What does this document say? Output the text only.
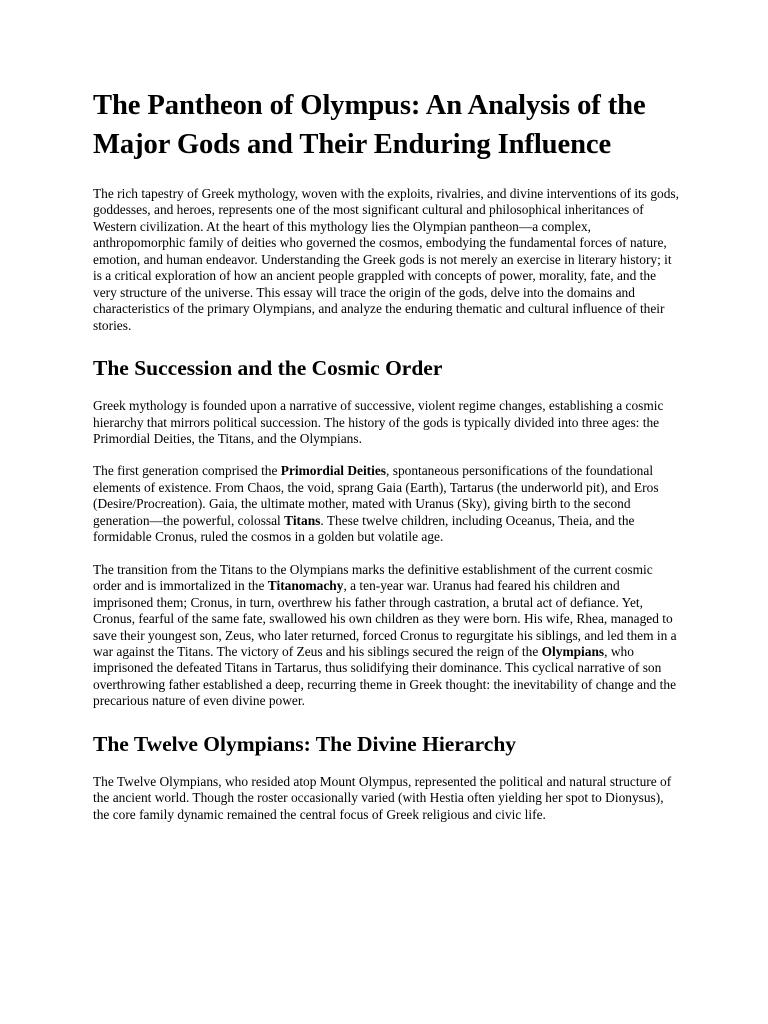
The Pantheon of Olympus: An Analysis of the Major Gods and Their Enduring Influence

The rich tapestry of Greek mythology, woven with the exploits, rivalries, and divine interventions of its gods, goddesses, and heroes, represents one of the most significant cultural and philosophical inheritances of Western civilization. At the heart of this mythology lies the Olympian pantheon—a complex, anthropomorphic family of deities who governed the cosmos, embodying the fundamental forces of nature, emotion, and human endeavor. Understanding the Greek gods is not merely an exercise in literary history; it is a critical exploration of how an ancient people grappled with concepts of power, morality, fate, and the very structure of the universe. This essay will trace the origin of the gods, delve into the domains and characteristics of the primary Olympians, and analyze the enduring thematic and cultural influence of their stories.

The Succession and the Cosmic Order

Greek mythology is founded upon a narrative of successive, violent regime changes, establishing a cosmic hierarchy that mirrors political succession. The history of the gods is typically divided into three ages: the Primordial Deities, the Titans, and the Olympians.

The first generation comprised the Primordial Deities, spontaneous personifications of the foundational elements of existence. From Chaos, the void, sprang Gaia (Earth), Tartarus (the underworld pit), and Eros (Desire/Procreation). Gaia, the ultimate mother, mated with Uranus (Sky), giving birth to the second generation—the powerful, colossal Titans. These twelve children, including Oceanus, Theia, and the formidable Cronus, ruled the cosmos in a golden but volatile age.

The transition from the Titans to the Olympians marks the definitive establishment of the current cosmic order and is immortalized in the Titanomachy, a ten-year war. Uranus had feared his children and imprisoned them; Cronus, in turn, overthrew his father through castration, a brutal act of defiance. Yet, Cronus, fearful of the same fate, swallowed his own children as they were born. His wife, Rhea, managed to save their youngest son, Zeus, who later returned, forced Cronus to regurgitate his siblings, and led them in a war against the Titans. The victory of Zeus and his siblings secured the reign of the Olympians, who imprisoned the defeated Titans in Tartarus, thus solidifying their dominance. This cyclical narrative of son overthrowing father established a deep, recurring theme in Greek thought: the inevitability of change and the precarious nature of even divine power.

The Twelve Olympians: The Divine Hierarchy

The Twelve Olympians, who resided atop Mount Olympus, represented the political and natural structure of the ancient world. Though the roster occasionally varied (with Hestia often yielding her spot to Dionysus), the core family dynamic remained the central focus of Greek religious and civic life.
